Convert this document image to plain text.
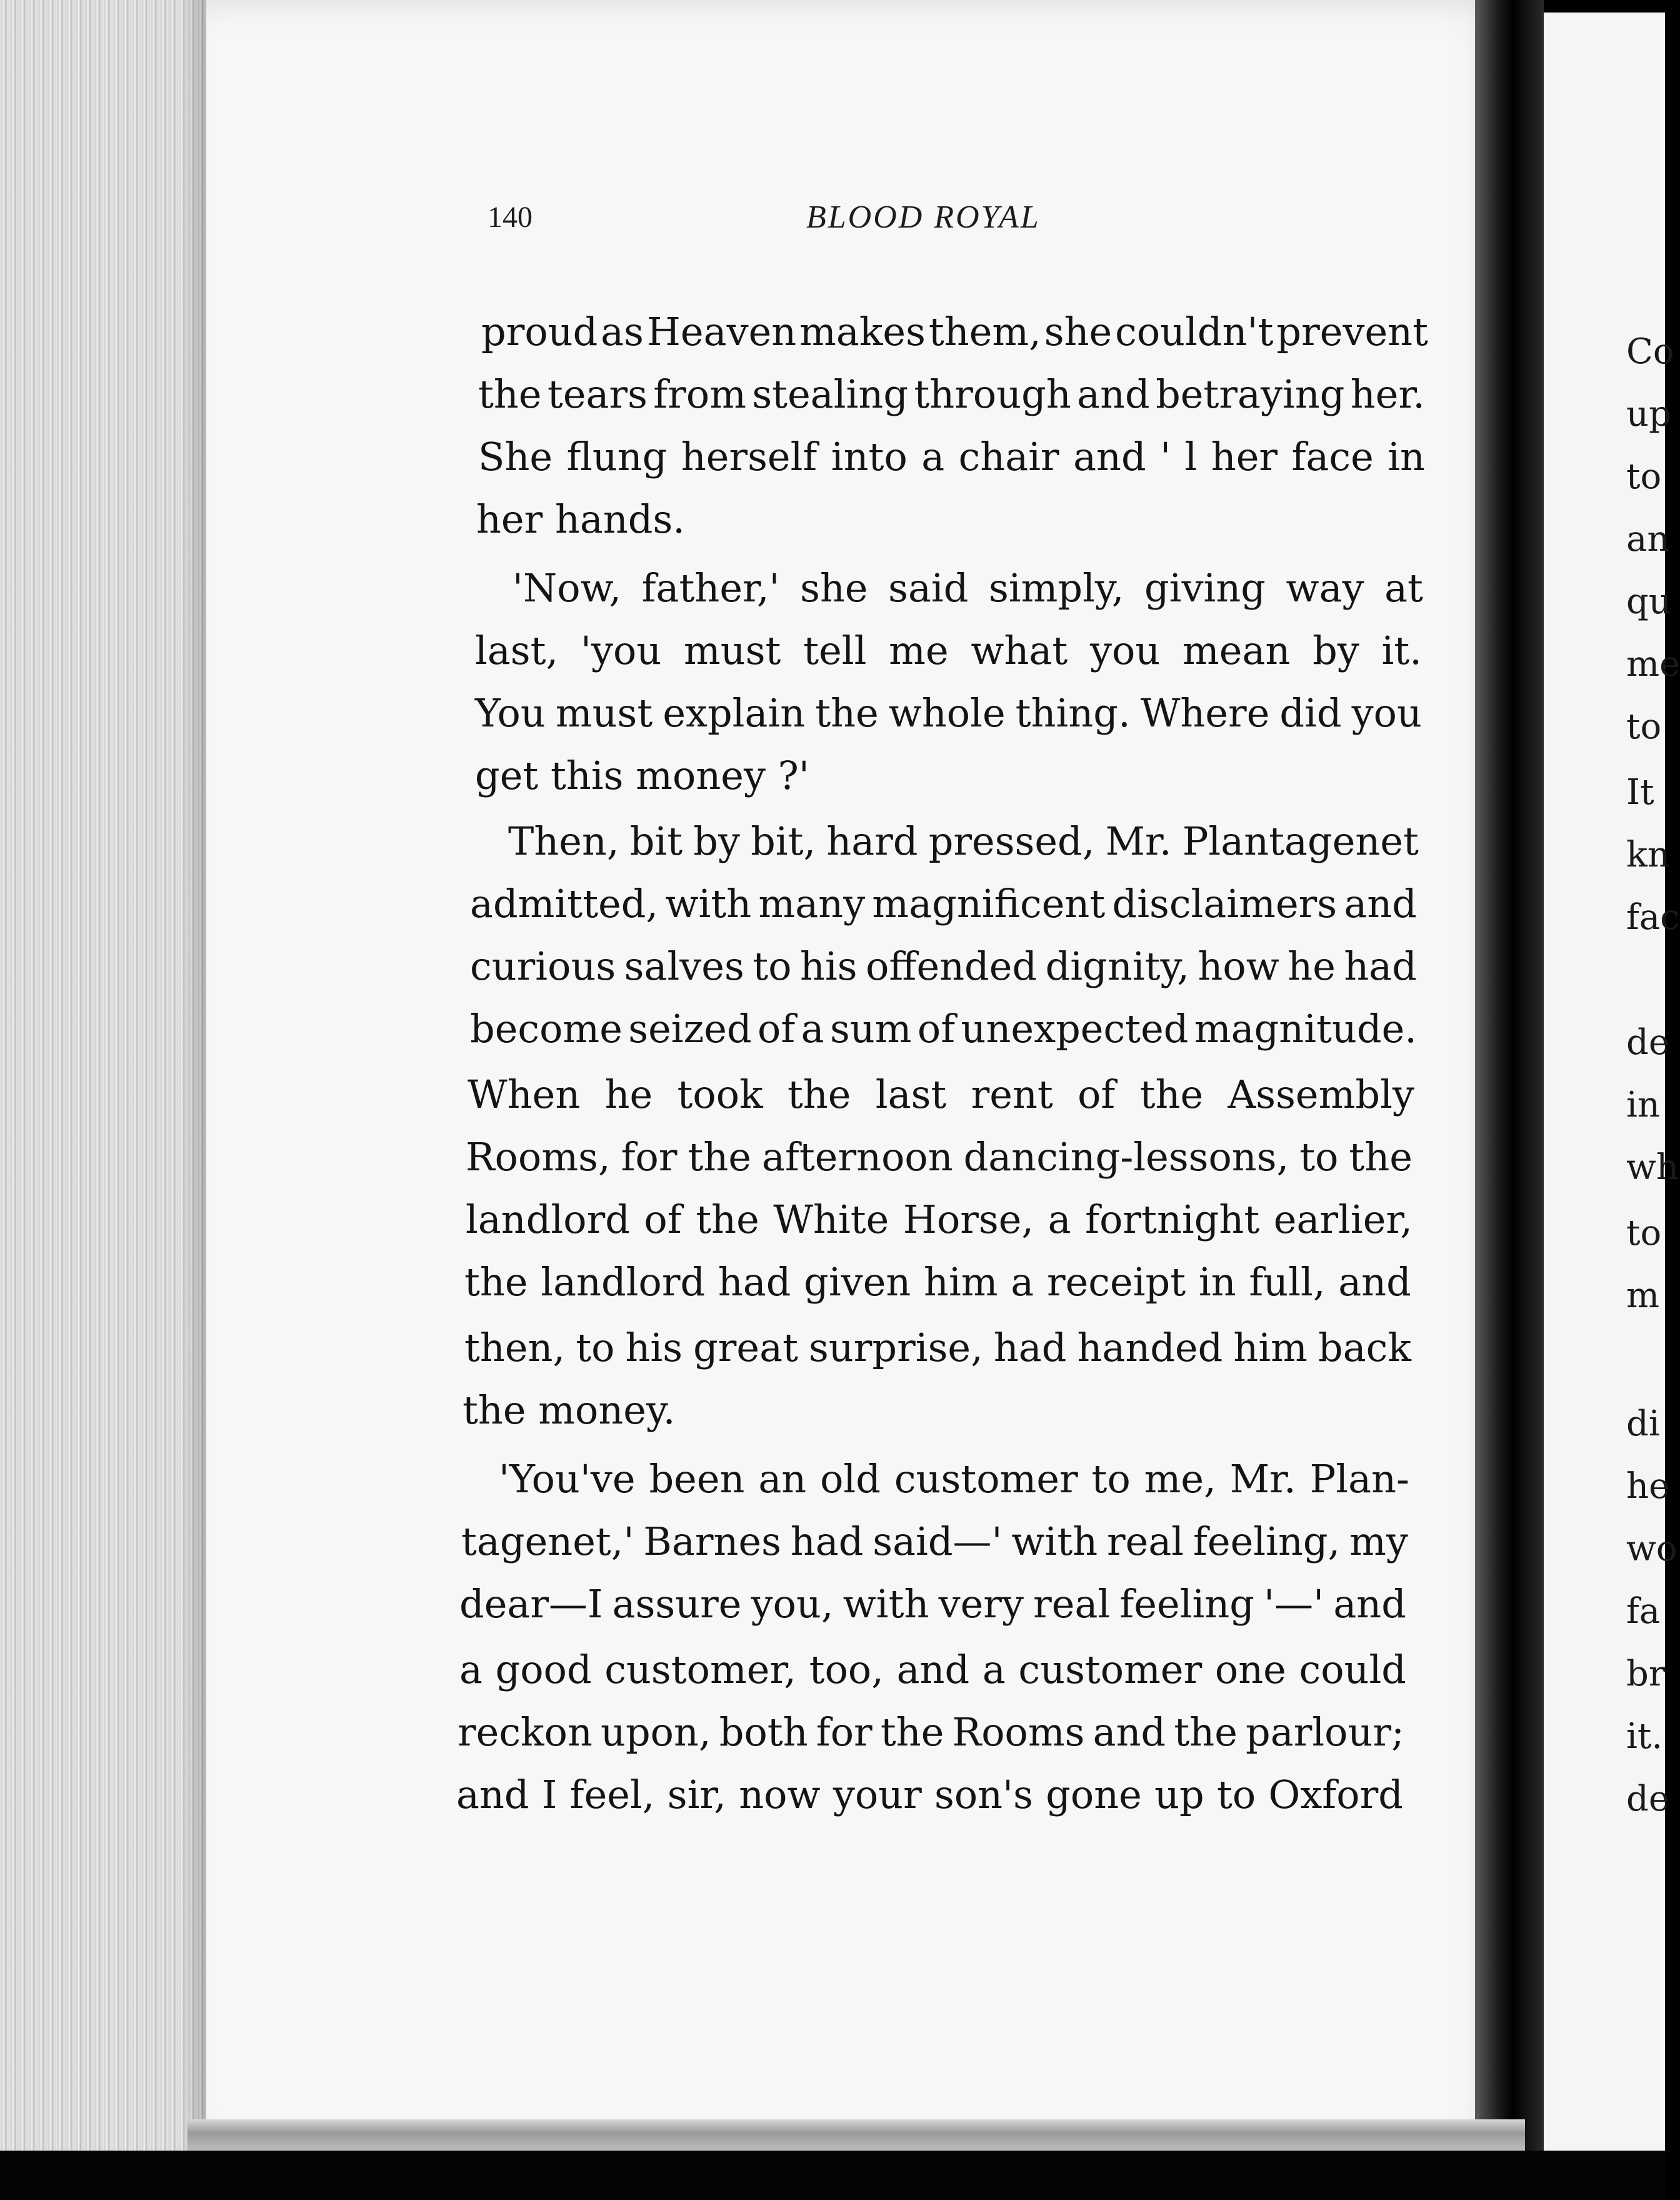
140	BLOOD ROYAL
proud as Heaven makes them, she couldn't prevent
the tears from stealing through and betraying her.
She flung herself into a chair and ' l her face in
her hands.
'Now, father,' she said simply, giving way at
last, 'you must tell me what you mean by it.
You must explain the whole thing. Where did you
get this money ?'
Then, bit by bit, hard pressed, Mr. Plantagenet
admitted, with many magnificent disclaimers and
curious salves to his offended dignity, how he had
become seized of a sum of unexpected magnitude.
When he took the last rent of the Assembly
Rooms, for the afternoon dancing-lessons, to the
landlord of the White Horse, a fortnight earlier,
the landlord had given him a receipt in full, and
then, to his great surprise, had handed him back
the money.
'You've been an old customer to me, Mr. Plan-
tagenet,' Barnes had said—' with real feeling, my
dear—I assure you, with very real feeling '—' and
a good customer, too, and a customer one could
reckon upon, both for the Rooms and the parlour;
and I feel, sir, now your son's gone up to Oxford
Co
up
to
an
qu
me
to
It
kn
fac
de
in
wh
to
m
di
he
wo
fa
br
it.
de
